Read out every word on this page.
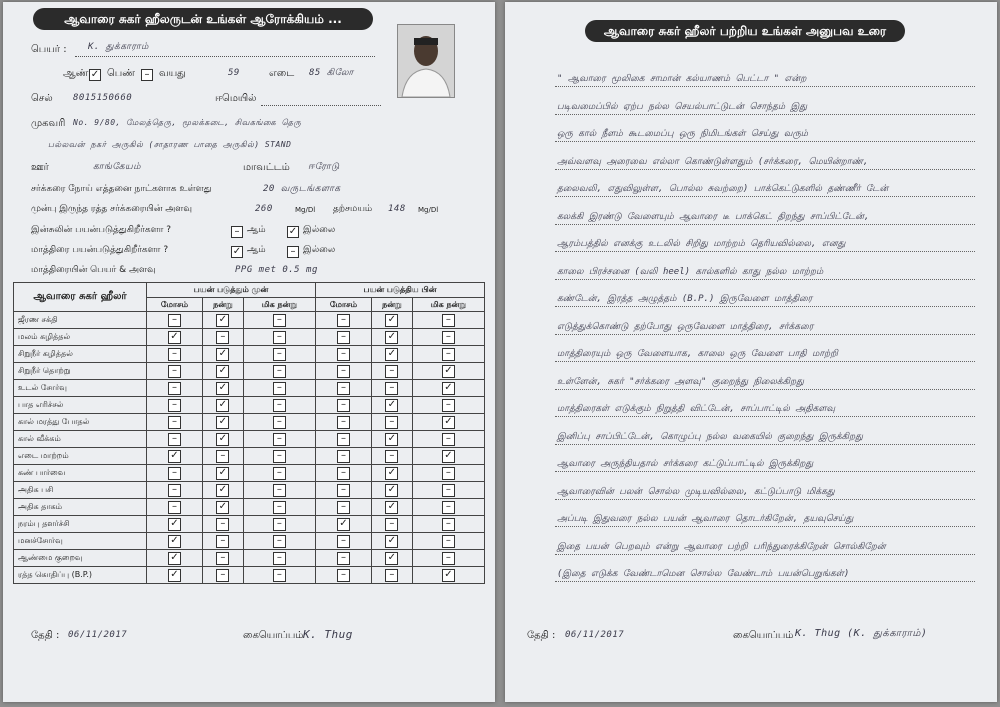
ஆவாரை சுகர் ஹீலருடன் உங்கள் ஆரோக்கியம் ...
பெயர் : K. துக்காராம்
ஆண் ✓ பெண் – வயது	59	எடை 85 கிலோ
செல் 8015150660	ஈமெயில்
முகவரி No. 9/80, மேலத்தெரு, மூலக்கடை, சிவகங்கை தெரு
பல்லவன் நகர் அருகில் (சாதாரண பாதை அருகில்) STAND
ஊர்	காங்கேயம்	மாவட்டம் ஈரோடு
சர்க்கரை நோய் எத்தனை நாட்களாக உள்ளது	20 வருடங்களாக
முன்பு இருந்த ரத்த சர்க்கரையின் அளவு	260	Mg/Dl தற்சமயம் 148 Mg/Dl
இன்சுலின் பயன்படுத்துகிறீர்களா ?	– ஆம் ✓ இல்லை
மாத்திரை பயன்படுத்துகிறீர்களா ?	✓ ஆம்	– இல்லை
மாத்திரையின் பெயர் & அளவு	PPG met 0.5 mg
ஆவாரை சுகர் ஹீலர்	பயன் படுத்தும் முன்			பயன் படுத்திய பின்		
	மோசம்	நன்று	மிக நன்று	மோசம்	நன்று	மிக நன்று
ஜீரண சக்தி	–	✓	–	–	✓	–
மலம் கழித்தல்	✓	–	–	–	✓	–
சிறுநீர் கழித்தல்	–	✓	–	–	✓	–
சிறுநீர் தொற்று	–	✓	–	–	–	✓
உடல் சோர்வு	–	✓	–	–	–	✓
பாத எரிச்சல்	–	✓	–	–	✓	–
கால் மரத்து போதல்	–	✓	–	–	–	✓
கால் வீக்கம்	–	✓	–	–	✓	–
எடை மாற்றம்	✓	–	–	–	–	✓
கண் பார்வை	–	✓	–	–	✓	–
அதிக பசி	–	✓	–	–	✓	–
அதிக தாகம்	–	✓	–	–	✓	–
நரம்பு தளர்ச்சி	✓	–	–	✓	–	–
மனச்சோர்வு	✓	–	–	–	✓	–
ஆண்மை குறைவு	✓	–	–	–	✓	–
ரத்த கொதிப்பு (B.P.)	✓	–	–	–	–	✓
தேதி : 06/11/2017	கையொப்பம் K. Thug
ஆவாரை சுகர் ஹீலர் பற்றிய உங்கள் அனுபவ உரை
" ஆவாரை மூலிகை சாமான் கல்யாணம் பெட்டா " என்ற
படிவமைப்பில் ஏற்ப நல்ல செயல்பாட்டுடன் சொந்தம் இது
ஒரு கால் நீளம் கூடமைப்பு ஒரு நிமிடங்கள் செய்து வரும்
அவ்வளவு அரைவை எல்லா கொண்டுள்ளதும் (சர்க்கரை, மெயின்றாண்,
தலைவலி, எதுவிலுள்ள, பொல்ல சுவற்றை) பாக்கெட்டுகளில் தண்ணீர் டேன்
கலக்கி இரண்டு வேளையும் ஆவாரை டீ பாக்கெட் திறந்து சாப்பிட்டேன்,
ஆரம்பத்தில் எனக்கு உடலில் சிறிது மாற்றம் தெரியவில்லை, எனது
காலை பிரச்சனை (வலி heel) கால்களில் காது நல்ல மாற்றம்
கண்டேன், இரத்த அழுத்தம் (B.P.) இருவேளை மாத்திரை
எடுத்துக்கொண்டு தற்போது ஒருவேளை மாத்திரை, சர்க்கரை
மாத்திரையும் ஒரு வேளையாக, காலை ஒரு வேளை பாதி மாற்றி
உள்ளேன், சுகர் "சர்க்கரை அளவு" குறைந்து நிலைக்கிறது
மாத்திரைகள் எடுக்கும் நிறுத்தி விட்டேன், சாப்பாட்டில் அதிகளவு
இனிப்பு சாப்பிட்டேன், கொழுப்பு நல்ல வகையில் குறைந்து இருக்கிறது
ஆவாரை அருந்தியதால் சர்க்கரை கட்டுப்பாட்டில் இருக்கிறது
ஆவாரைவின் பலன் சொல்ல முடியவில்லை, கட்டுப்பாடு மிக்கது
அப்படி இதுவரை நல்ல பயன் ஆவாரை தொடர்கிறேன், தயவுசெய்து
இதை பயன் பெறவும் என்று ஆவாரை பற்றி பரிந்துரைக்கிறேன் சொல்கிறேன்
(இதை எடுக்க வேண்டாமென சொல்ல வேண்டாம் பயன்பெறுங்கள்)
தேதி : 06/11/2017	கையொப்பம் K. Thug (K. துக்காராம்)
